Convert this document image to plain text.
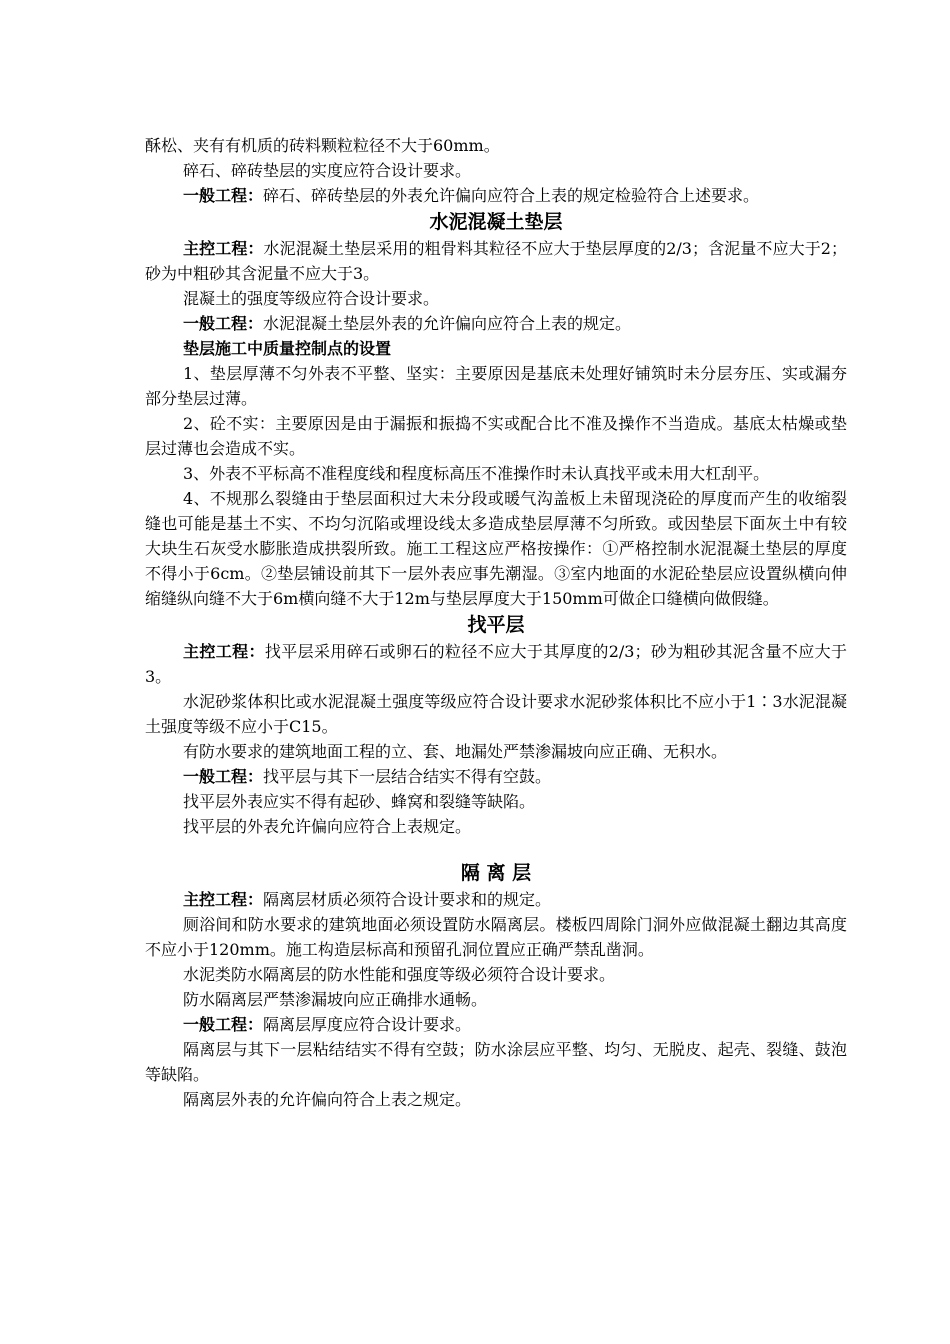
酥松、夹有有机质的砖料颗粒粒径不大于60mm。

碎石、碎砖垫层的实度应符合设计要求。

一般工程：碎石、碎砖垫层的外表允许偏向应符合上表的规定检验符合上述要求。

水泥混凝土垫层

主控工程：水泥混凝土垫层采用的粗骨料其粒径不应大于垫层厚度的2/3；含泥量不应大于2；砂为中粗砂其含泥量不应大于3。

混凝土的强度等级应符合设计要求。

一般工程：水泥混凝土垫层外表的允许偏向应符合上表的规定。

垫层施工中质量控制点的设置

1、垫层厚薄不匀外表不平整、坚实：主要原因是基底未处理好铺筑时未分层夯压、实或漏夯部分垫层过薄。

2、砼不实：主要原因是由于漏振和振捣不实或配合比不准及操作不当造成。基底太枯燥或垫层过薄也会造成不实。

3、外表不平标高不准程度线和程度标高压不准操作时未认真找平或未用大杠刮平。

4、不规那么裂缝由于垫层面积过大未分段或暖气沟盖板上未留现浇砼的厚度而产生的收缩裂缝也可能是基土不实、不均匀沉陷或埋设线太多造成垫层厚薄不匀所致。或因垫层下面灰土中有较大块生石灰受水膨胀造成拱裂所致。施工工程这应严格按操作：①严格控制水泥混凝土垫层的厚度不得小于6cm。②垫层铺设前其下一层外表应事先潮湿。③室内地面的水泥砼垫层应设置纵横向伸缩缝纵向缝不大于6m横向缝不大于12m与垫层厚度大于150mm可做企口缝横向做假缝。

找平层

主控工程：找平层采用碎石或卵石的粒径不应大于其厚度的2/3；砂为粗砂其泥含量不应大于3。

水泥砂浆体积比或水泥混凝土强度等级应符合设计要求水泥砂浆体积比不应小于1∶3水泥混凝土强度等级不应小于C15。

有防水要求的建筑地面工程的立、套、地漏处严禁渗漏坡向应正确、无积水。

一般工程：找平层与其下一层结合结实不得有空鼓。

找平层外表应实不得有起砂、蜂窝和裂缝等缺陷。

找平层的外表允许偏向应符合上表规定。

隔 离 层

主控工程：隔离层材质必须符合设计要求和的规定。

厕浴间和防水要求的建筑地面必须设置防水隔离层。楼板四周除门洞外应做混凝土翻边其高度不应小于120mm。施工构造层标高和预留孔洞位置应正确严禁乱凿洞。

水泥类防水隔离层的防水性能和强度等级必须符合设计要求。

防水隔离层严禁渗漏坡向应正确排水通畅。

一般工程：隔离层厚度应符合设计要求。

隔离层与其下一层粘结结实不得有空鼓；防水涂层应平整、均匀、无脱皮、起壳、裂缝、鼓泡等缺陷。

隔离层外表的允许偏向符合上表之规定。
